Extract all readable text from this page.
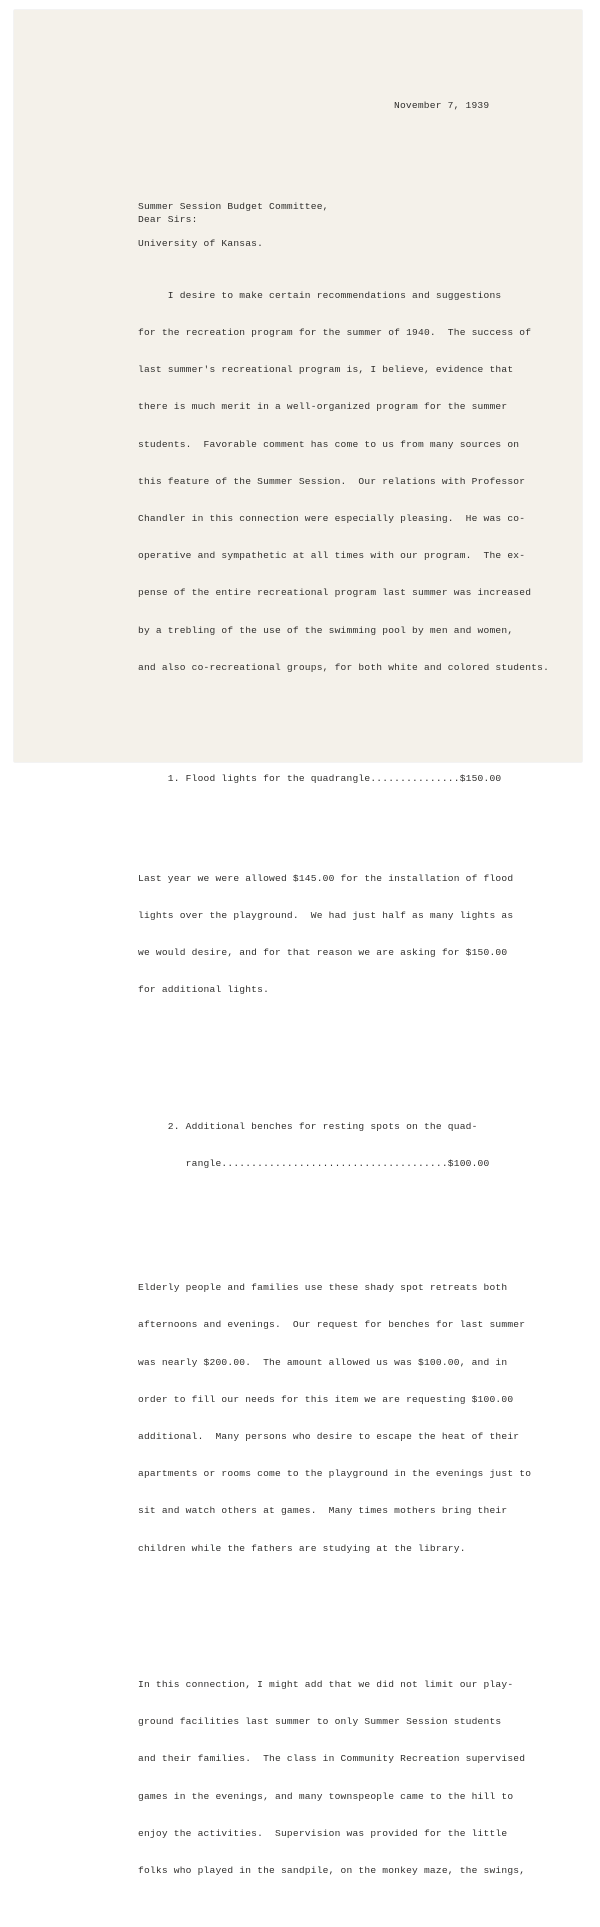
November 7, 1939

Summer Session Budget Committee,

University of Kansas.

Dear Sirs:

I desire to make certain recommendations and suggestions

for the recreation program for the summer of 1940.  The success of

last summer's recreational program is, I believe, evidence that

there is much merit in a well-organized program for the summer

students.  Favorable comment has come to us from many sources on

this feature of the Summer Session.  Our relations with Professor

Chandler in this connection were especially pleasing.  He was co-

operative and sympathetic at all times with our program.  The ex-

pense of the entire recreational program last summer was increased

by a trebling of the use of the swimming pool by men and women,

and also co-recreational groups, for both white and colored students.

1. Flood lights for the quadrangle...............$150.00

Last year we were allowed $145.00 for the installation of flood

lights over the playground.  We had just half as many lights as

we would desire, and for that reason we are asking for $150.00

for additional lights.

2. Additional benches for resting spots on the quad-

rangle......................................$100.00

Elderly people and families use these shady spot retreats both

afternoons and evenings.  Our request for benches for last summer

was nearly $200.00.  The amount allowed us was $100.00, and in

order to fill our needs for this item we are requesting $100.00

additional.  Many persons who desire to escape the heat of their

apartments or rooms come to the playground in the evenings just to

sit and watch others at games.  Many times mothers bring their

children while the fathers are studying at the library.

In this connection, I might add that we did not limit our play-

ground facilities last summer to only Summer Session students

and their families.  The class in Community Recreation supervised

games in the evenings, and many townspeople came to the hill to

enjoy the activities.  Supervision was provided for the little

folks who played in the sandpile, on the monkey maze, the swings,
